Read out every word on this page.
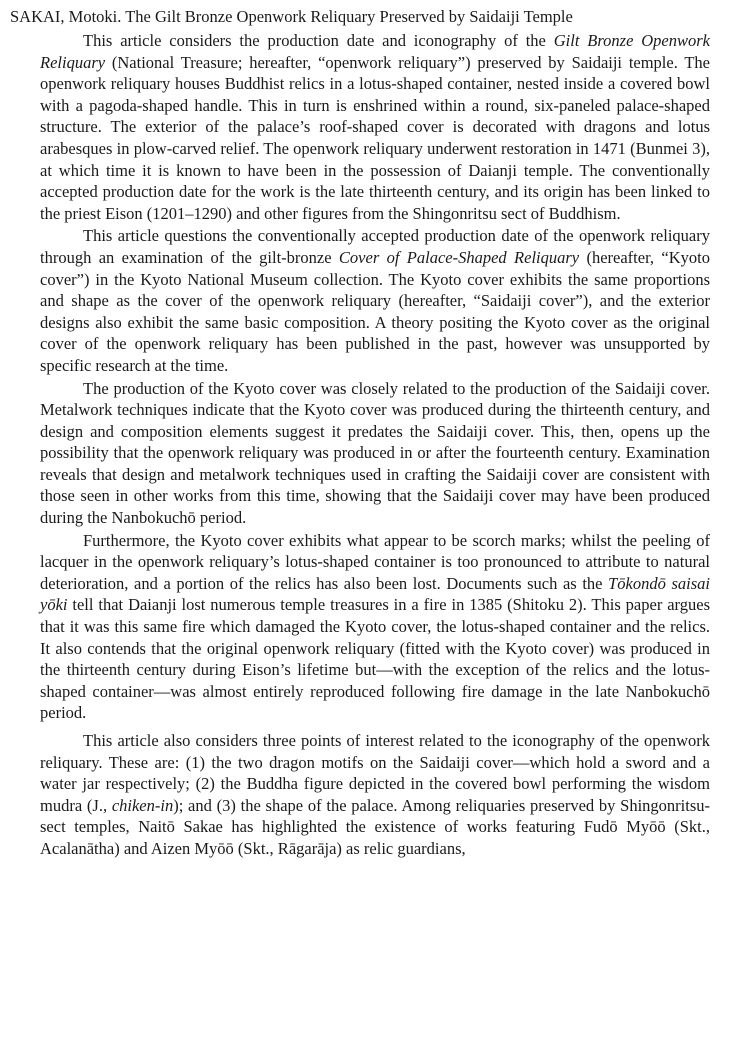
SAKAI, Motoki. The Gilt Bronze Openwork Reliquary Preserved by Saidaiji Temple

This article considers the production date and iconography of the Gilt Bronze Openwork Reliquary (National Treasure; hereafter, “openwork reliquary”) preserved by Saidaiji temple. The openwork reliquary houses Buddhist relics in a lotus-shaped container, nested inside a covered bowl with a pagoda-shaped handle. This in turn is enshrined within a round, six-paneled palace-shaped structure. The exterior of the palace’s roof-shaped cover is decorated with dragons and lotus arabesques in plow-carved relief. The openwork reliquary underwent restoration in 1471 (Bunmei 3), at which time it is known to have been in the possession of Daianji temple. The conventionally accepted production date for the work is the late thirteenth century, and its origin has been linked to the priest Eison (1201–1290) and other figures from the Shingonritsu sect of Buddhism.

This article questions the conventionally accepted production date of the openwork reliquary through an examination of the gilt-bronze Cover of Palace-Shaped Reliquary (hereafter, “Kyoto cover”) in the Kyoto National Museum collection. The Kyoto cover exhibits the same proportions and shape as the cover of the openwork reliquary (hereafter, “Saidaiji cover”), and the exterior designs also exhibit the same basic composition. A theory positing the Kyoto cover as the original cover of the openwork reliquary has been published in the past, however was unsupported by specific research at the time.

The production of the Kyoto cover was closely related to the production of the Saidaiji cover. Metalwork techniques indicate that the Kyoto cover was produced during the thirteenth century, and design and composition elements suggest it predates the Saidaiji cover. This, then, opens up the possibility that the openwork reliquary was produced in or after the fourteenth century. Examination reveals that design and metalwork techniques used in crafting the Saidaiji cover are consistent with those seen in other works from this time, showing that the Saidaiji cover may have been produced during the Nanbokuchō period.

Furthermore, the Kyoto cover exhibits what appear to be scorch marks; whilst the peeling of lacquer in the openwork reliquary’s lotus-shaped container is too pronounced to attribute to natural deterioration, and a portion of the relics has also been lost. Documents such as the Tōkondō saisai yōki tell that Daianji lost numerous temple treasures in a fire in 1385 (Shitoku 2). This paper argues that it was this same fire which damaged the Kyoto cover, the lotus-shaped container and the relics. It also contends that the original openwork reliquary (fitted with the Kyoto cover) was produced in the thirteenth century during Eison’s lifetime but—with the exception of the relics and the lotus-shaped container—was almost entirely reproduced following fire damage in the late Nanbokuchō period.

This article also considers three points of interest related to the iconography of the openwork reliquary. These are: (1) the two dragon motifs on the Saidaiji cover—which hold a sword and a water jar respectively; (2) the Buddha figure depicted in the covered bowl performing the wisdom mudra (J., chiken-in); and (3) the shape of the palace. Among reliquaries preserved by Shingonritsu-sect temples, Naitō Sakae has highlighted the existence of works featuring Fudō Myōō (Skt., Acalanātha) and Aizen Myōō (Skt., Rāgarāja) as relic guardians,
